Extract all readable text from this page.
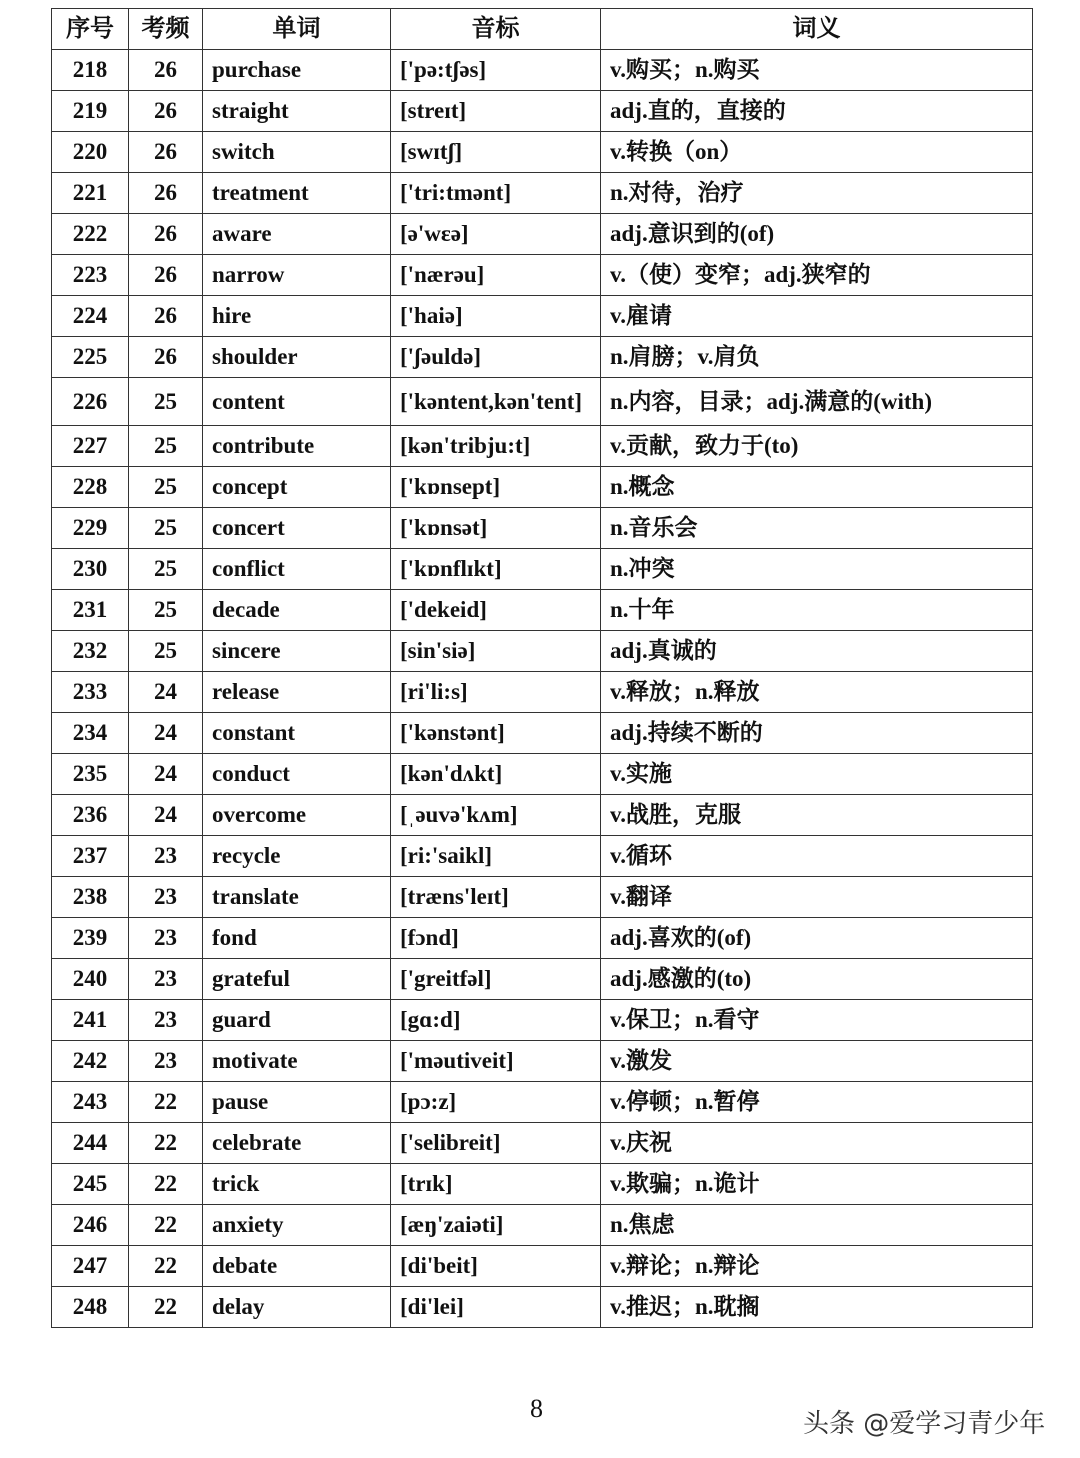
序号	考频	单词	音标	词义
218	26	purchase	['pə:tʃəs]	v.购买；n.购买
219	26	straight	[streɪt]	adj.直的，直接的
220	26	switch	[swɪtʃ]	v.转换（on）
221	26	treatment	['tri:tmənt]	n.对待，治疗
222	26	aware	[ə'wɛə]	adj.意识到的(of)
223	26	narrow	['nærəu]	v.（使）变窄；adj.狭窄的
224	26	hire	['haiə]	v.雇请
225	26	shoulder	['ʃəuldə]	n.肩膀；v.肩负
226	25	content	['kəntent,kən'tent]	n.内容，目录；adj.满意的(with)
227	25	contribute	[kən'tribju:t]	v.贡献，致力于(to)
228	25	concept	['kɒnsept]	n.概念
229	25	concert	['kɒnsət]	n.音乐会
230	25	conflict	['kɒnflɪkt]	n.冲突
231	25	decade	['dekeid]	n.十年
232	25	sincere	[sin'siə]	adj.真诚的
233	24	release	[ri'li:s]	v.释放；n.释放
234	24	constant	['kənstənt]	adj.持续不断的
235	24	conduct	[kən'dʌkt]	v.实施
236	24	overcome	[ˌəuvə'kʌm]	v.战胜，克服
237	23	recycle	[ri:'saikl]	v.循环
238	23	translate	[træns'leɪt]	v.翻译
239	23	fond	[fɔnd]	adj.喜欢的(of)
240	23	grateful	['greitfəl]	adj.感激的(to)
241	23	guard	[gɑ:d]	v.保卫；n.看守
242	23	motivate	['məutiveit]	v.激发
243	22	pause	[pɔ:z]	v.停顿；n.暂停
244	22	celebrate	['selibreit]	v.庆祝
245	22	trick	[trɪk]	v.欺骗；n.诡计
246	22	anxiety	[æŋ'zaiəti]	n.焦虑
247	22	debate	[di'beit]	v.辩论；n.辩论
248	22	delay	[di'lei]	v.推迟；n.耽搁
8
头条 @爱学习青少年
